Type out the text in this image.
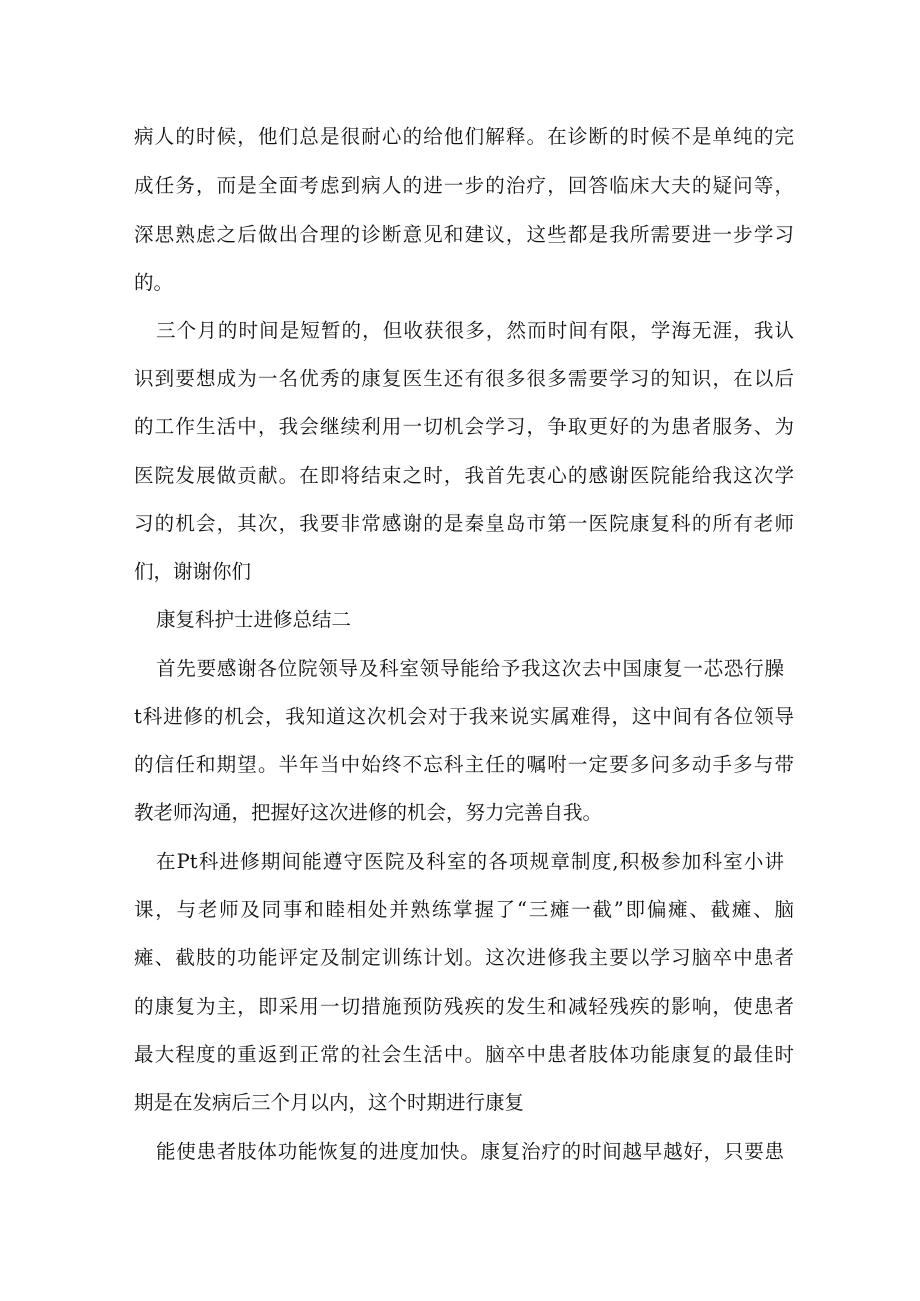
病人的时候，他们总是很耐心的给他们解释。在诊断的时候不是单纯的完
成任务，而是全面考虑到病人的进一步的治疗，回答临床大夫的疑问等，
深思熟虑之后做出合理的诊断意见和建议，这些都是我所需要进一步学习
的。
三个月的时间是短暂的，但收获很多，然而时间有限，学海无涯，我认
识到要想成为一名优秀的康复医生还有很多很多需要学习的知识，在以后
的工作生活中，我会继续利用一切机会学习，争取更好的为患者服务、为
医院发展做贡献。在即将结束之时，我首先衷心的感谢医院能给我这次学
习的机会，其次，我要非常感谢的是秦皇岛市第一医院康复科的所有老师
们，谢谢你们
康复科护士进修总结二
首先要感谢各位院领导及科室领导能给予我这次去中国康复一芯恐行臊
t科进修的机会，我知道这次机会对于我来说实属难得，这中间有各位领导
的信任和期望。半年当中始终不忘科主任的嘱咐一定要多问多动手多与带
教老师沟通，把握好这次进修的机会，努力完善自我。
在Pt科进修期间能遵守医院及科室的各项规章制度,积极参加科室小讲
课，与老师及同事和睦相处并熟练掌握了“三瘫一截”即偏瘫、截瘫、脑
瘫、截肢的功能评定及制定训练计划。这次进修我主要以学习脑卒中患者
的康复为主，即采用一切措施预防残疾的发生和减轻残疾的影响，使患者
最大程度的重返到正常的社会生活中。脑卒中患者肢体功能康复的最佳时
期是在发病后三个月以内，这个时期进行康复
能使患者肢体功能恢复的进度加快。康复治疗的时间越早越好，只要患
